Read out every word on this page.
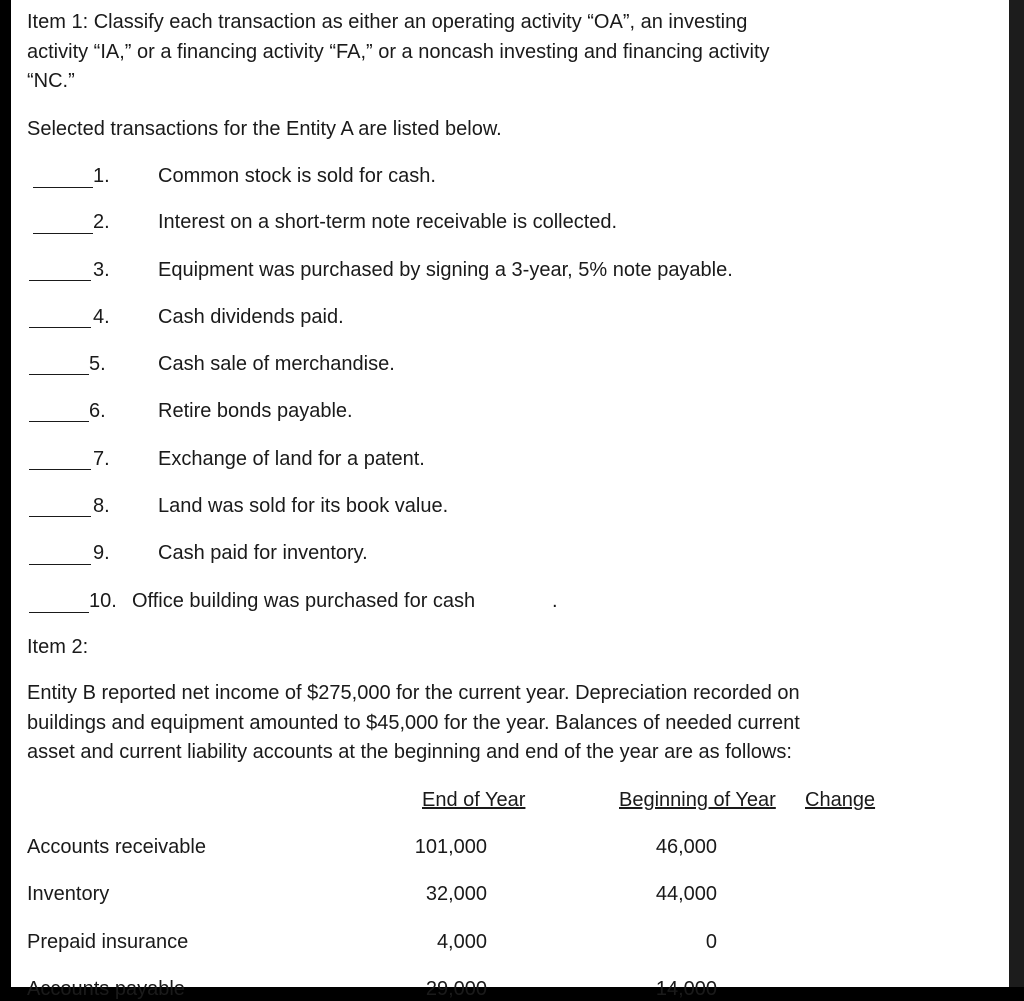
Item 1: Classify each transaction as either an operating activity “OA”, an investing
activity “IA,” or a financing activity “FA,” or a noncash investing and financing activity
“NC.”
Selected transactions for the Entity A are listed below.
1. Common stock is sold for cash.
2. Interest on a short-term note receivable is collected.
3. Equipment was purchased by signing a 3-year, 5% note payable.
4. Cash dividends paid.
5.	Cash sale of merchandise.
6.	Retire bonds payable.
7. Exchange of land for a patent.
8. Land was sold for its book value.
9. Cash paid for inventory.
10. Office building was purchased for cash	.
Item 2:
Entity B reported net income of $275,000 for the current year. Depreciation recorded on
buildings and equipment amounted to $45,000 for the year. Balances of needed current
asset and current liability accounts at the beginning and end of the year are as follows:
End of Year	Beginning of Year Change
Accounts receivable	101,000	46,000
Inventory	32,000	44,000
Prepaid insurance	4,000	0
Accounts payable	29,000	14,000
